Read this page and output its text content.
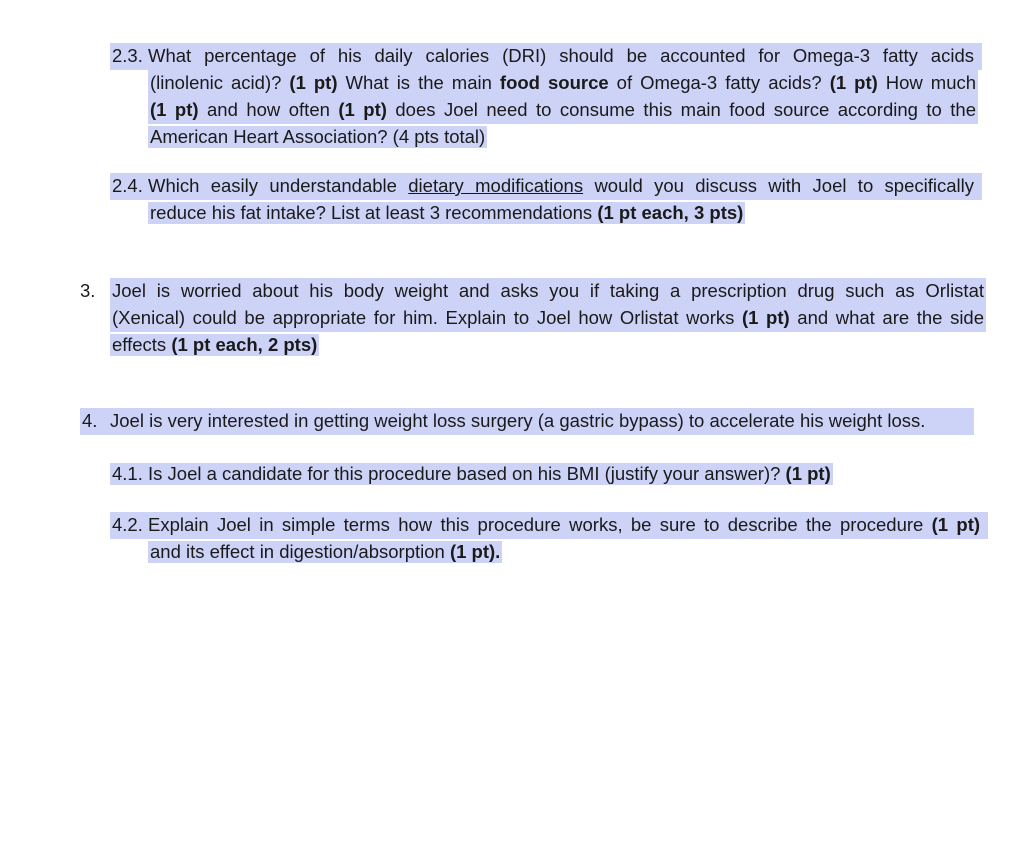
2.3. What percentage of his daily calories (DRI) should be accounted for Omega-3 fatty acids
(linolenic acid)? (1 pt) What is the main food source of Omega-3 fatty acids? (1 pt) How much
(1 pt) and how often (1 pt) does Joel need to consume this main food source according to the
American Heart Association? (4 pts total)
2.4. Which easily understandable dietary modifications would you discuss with Joel to specifically
reduce his fat intake? List at least 3 recommendations (1 pt each, 3 pts)
3. Joel is worried about his body weight and asks you if taking a prescription drug such as Orlistat
(Xenical) could be appropriate for him. Explain to Joel how Orlistat works (1 pt) and what are the side
effects (1 pt each, 2 pts)
4. Joel is very interested in getting weight loss surgery (a gastric bypass) to accelerate his weight loss.
4.1. Is Joel a candidate for this procedure based on his BMI (justify your answer)? (1 pt)
4.2. Explain Joel in simple terms how this procedure works, be sure to describe the procedure (1 pt)
and its effect in digestion/absorption (1 pt).
